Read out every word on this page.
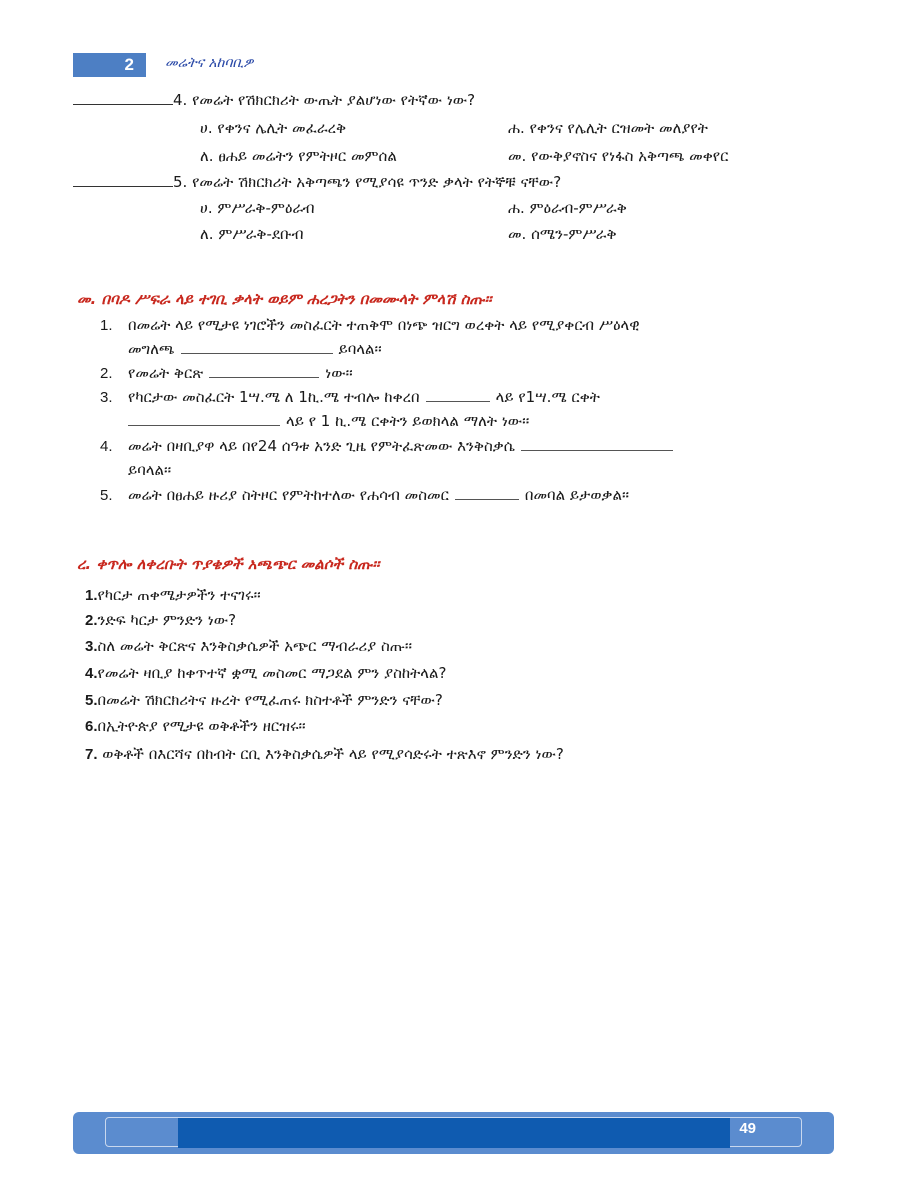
2	መሬትና አከባቢዎ
4. የመሬት የሽክርክሪት ውጤት ያልሆነው የትኛው ነው?
ሀ. የቀንና ሌሊት መፈራረቅ	ሐ. የቀንና የሌሊት ርዝመት መለያየት
ለ. ፀሐይ መሬትን የምትዞር መምሰል	መ. የውቅያኖስና የነፋስ አቅጣጫ መቀየር
5. የመሬት ሽክርክሪት አቅጣጫን የሚያሳዩ ጥንድ ቃላት የትኞቹ ናቸው?
ሀ. ምሥራቅ-ምዕራብ	ሐ. ምዕራብ-ምሥራቅ
ለ. ምሥራቅ-ደቡብ	መ. ሰሜን-ምሥራቅ
መ. በባዶ ሥፍራ ላይ ተገቢ ቃላት ወይም ሐረጋትን በመሙላት ምላሽ ስጡ፡፡
1. በመሬት ላይ የሚታዩ ነገሮችን መስፈርት ተጠቅሞ በነጭ ዝርግ ወረቀት ላይ የሚያቀርብ ሥዕላዊ
መግለጫ	ይባላል፡፡
2. የመሬት ቅርጽ	ነው፡፡
3. የካርታው መስፈርት 1ሣ.ሜ ለ 1ኪ.ሜ ተብሎ ከቀረበ	ላይ የ1ሣ.ሜ ርቀት
ላይ የ 1 ኪ.ሜ ርቀትን ይወክላል ማለት ነው፡፡
4. መሬት በዛቢያዋ ላይ በየ24 ሰዓቱ አንድ ጊዜ የምትፈጽመው እንቅስቃሴ
ይባላል፡፡
5. መሬት በፀሐይ ዙሪያ ስትዞር የምትከተለው የሐሳብ መስመር	በመባል ይታወቃል፡፡
ረ. ቀጥሎ ለቀረቡት ጥያቄዎች አጫጭር መልሶች ስጡ፡፡
1.የካርታ ጠቀሜታዎችን ተናገሩ፡፡
2.ንድፍ ካርታ ምንድን ነው?
3.ስለ መሬት ቅርጽና እንቅስቃሴዎች አጭር ማብራሪያ ስጡ፡፡
4.የመሬት ዛቢያ ከቀጥተኛ ቋሚ መስመር ማጋደል ምን ያስከትላል?
5.በመሬት ሽክርክሪትና ዙረት የሚፈጠሩ ክስተቶች ምንድን ናቸው?
6.በኢትዮጵያ የሚታዩ ወቅቶችን ዘርዝሩ፡፡
7. ወቅቶች በእርሻና በከብት ርቢ እንቅስቃሴዎች ላይ የሚያሳድሩት ተጽእኖ ምንድን ነው?
49
